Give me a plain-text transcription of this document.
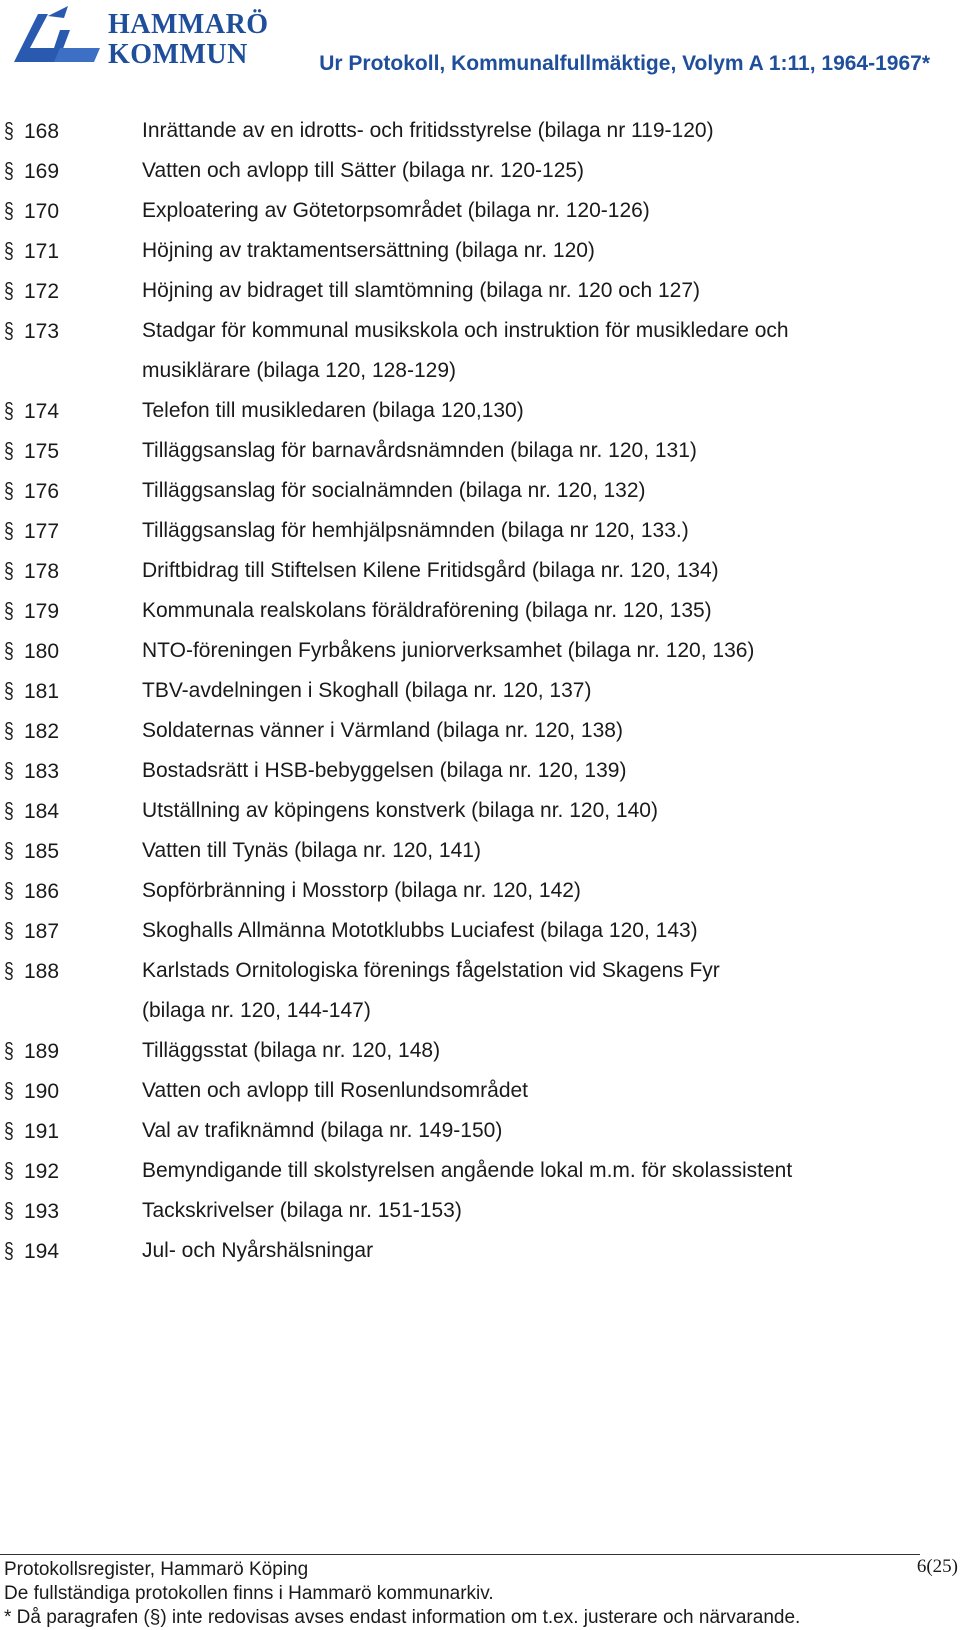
HAMMARÖ
KOMMUN	Ur Protokoll, Kommunalfullmäktige, Volym A 1:11, 1964-1967*
§ 168	Inrättande av en idrotts- och fritidsstyrelse (bilaga nr 119-120)
§ 169	Vatten och avlopp till Sätter (bilaga nr. 120-125)
§ 170	Exploatering av Götetorpsområdet (bilaga nr. 120-126)
§ 171	Höjning av traktamentsersättning (bilaga nr. 120)
§ 172	Höjning av bidraget till slamtömning (bilaga nr. 120 och 127)
§ 173	Stadgar för kommunal musikskola och instruktion för musikledare och
musiklärare (bilaga 120, 128-129)
§ 174	Telefon till musikledaren (bilaga 120,130)
§ 175	Tilläggsanslag för barnavårdsnämnden (bilaga nr. 120, 131)
§ 176	Tilläggsanslag för socialnämnden (bilaga nr. 120, 132)
§ 177	Tilläggsanslag för hemhjälpsnämnden (bilaga nr 120, 133.)
§ 178	Driftbidrag till Stiftelsen Kilene Fritidsgård (bilaga nr. 120, 134)
§ 179	Kommunala realskolans föräldraförening (bilaga nr. 120, 135)
§ 180	NTO-föreningen Fyrbåkens juniorverksamhet (bilaga nr. 120, 136)
§ 181	TBV-avdelningen i Skoghall (bilaga nr. 120, 137)
§ 182	Soldaternas vänner i Värmland (bilaga nr. 120, 138)
§ 183	Bostadsrätt i HSB-bebyggelsen (bilaga nr. 120, 139)
§ 184	Utställning av köpingens konstverk (bilaga nr. 120, 140)
§ 185	Vatten till Tynäs (bilaga nr. 120, 141)
§ 186	Sopförbränning i Mosstorp (bilaga nr. 120, 142)
§ 187	Skoghalls Allmänna Mototklubbs Luciafest (bilaga 120, 143)
§ 188	Karlstads Ornitologiska förenings fågelstation vid Skagens Fyr
(bilaga nr. 120, 144-147)
§ 189	Tilläggsstat (bilaga nr. 120, 148)
§ 190	Vatten och avlopp till Rosenlundsområdet
§ 191	Val av trafiknämnd (bilaga nr. 149-150)
§ 192	Bemyndigande till skolstyrelsen angående lokal m.m. för skolassistent
§ 193	Tackskrivelser (bilaga nr. 151-153)
§ 194	Jul- och Nyårshälsningar
Protokollsregister, Hammarö Köping
De fullständiga protokollen finns i Hammarö kommunarkiv.
* Då paragrafen (§) inte redovisas avses endast information om t.ex. justerare och närvarande.
6(25)
